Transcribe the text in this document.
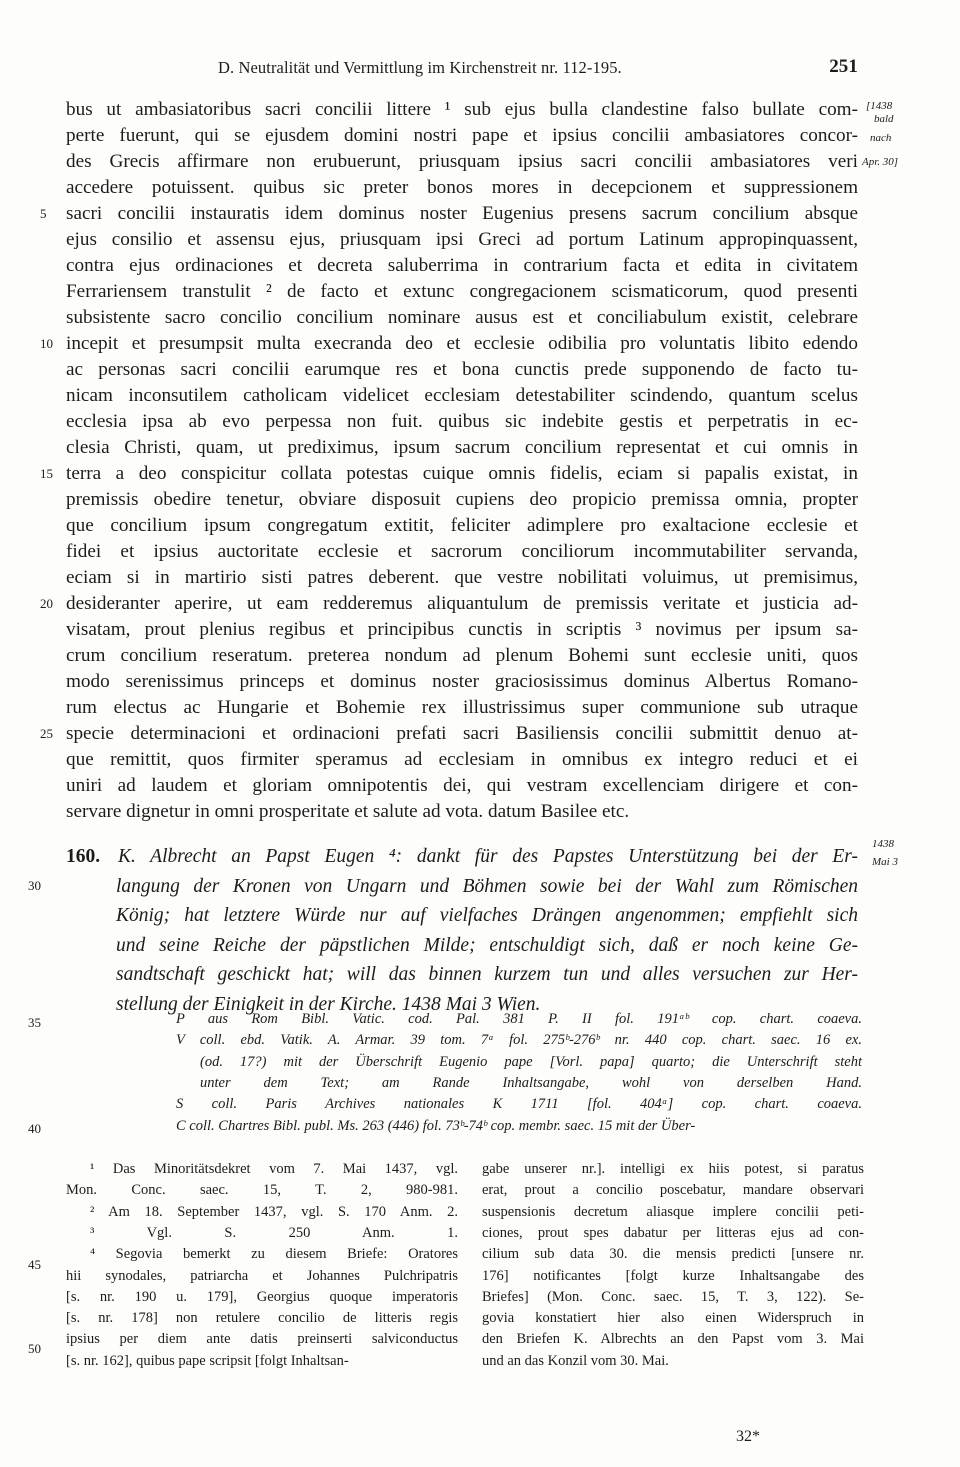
D. Neutralität und Vermittlung im Kirchenstreit nr. 112-195.	251
[1438
bald
nach
Apr. 30]
1438
Mai 3
bus ut ambasiatoribus sacri concilii littere ¹ sub ejus bulla clandestine falso bullate com-
perte fuerunt, qui se ejusdem domini nostri pape et ipsius concilii ambasiatores concor-
des Grecis affirmare non erubuerunt, priusquam ipsius sacri concilii ambasiatores veri
accedere potuissent. quibus sic preter bonos mores in decepcionem et suppressionem
sacri concilii instauratis idem dominus noster Eugenius presens sacrum concilium absque
ejus consilio et assensu ejus, priusquam ipsi Greci ad portum Latinum appropinquassent,
contra ejus ordinaciones et decreta saluberrima in contrarium facta et edita in civitatem
Ferrariensem transtulit ² de facto et extunc congregacionem scismaticorum, quod presenti
subsistente sacro concilio concilium nominare ausus est et conciliabulum existit, celebrare
incepit et presumpsit multa execranda deo et ecclesie odibilia pro voluntatis libito edendo
ac personas sacri concilii earumque res et bona cunctis prede supponendo de facto tu-
nicam inconsutilem catholicam videlicet ecclesiam detestabiliter scindendo, quantum scelus
ecclesia ipsa ab evo perpessa non fuit. quibus sic indebite gestis et perpetratis in ec-
clesia Christi, quam, ut prediximus, ipsum sacrum concilium representat et cui omnis in
terra a deo conspicitur collata potestas cuique omnis fidelis, eciam si papalis existat, in
premissis obedire tenetur, obviare disposuit cupiens deo propicio premissa omnia, propter
que concilium ipsum congregatum extitit, feliciter adimplere pro exaltacione ecclesie et
fidei et ipsius auctoritate ecclesie et sacrorum conciliorum incommutabiliter servanda,
eciam si in martirio sisti patres deberent. que vestre nobilitati voluimus, ut premisimus,
desideranter aperire, ut eam redderemus aliquantulum de premissis veritate et justicia ad-
visatam, prout plenius regibus et principibus cunctis in scriptis ³ novimus per ipsum sa-
crum concilium reseratum. preterea nondum ad plenum Bohemi sunt ecclesie uniti, quos
modo serenissimus princeps et dominus noster graciosissimus dominus Albertus Romano-
rum electus ac Hungarie et Bohemie rex illustrissimus super communione sub utraque
specie determinacioni et ordinacioni prefati sacri Basiliensis concilii submittit denuo at-
que remittit, quos firmiter speramus ad ecclesiam in omnibus ex integro reduci et ei
uniri ad laudem et gloriam omnipotentis dei, qui vestram excellenciam dirigere et con-
servare dignetur in omni prosperitate et salute ad vota. datum Basilee etc.
5
10
15
20
25
30
35
40
45
50
160. K. Albrecht an Papst Eugen ⁴: dankt für des Papstes Unterstützung bei der Er-
langung der Kronen von Ungarn und Böhmen sowie bei der Wahl zum Römischen
König; hat letztere Würde nur auf vielfaches Drängen angenommen; empfiehlt sich
und seine Reiche der päpstlichen Milde; entschuldigt sich, daß er noch keine Ge-
sandtschaft geschickt hat; will das binnen kurzem tun und alles versuchen zur Her-
stellung der Einigkeit in der Kirche. 1438 Mai 3 Wien.
P aus Rom Bibl. Vatic. cod. Pal. 381 P. II fol. 191ᵃᵇ cop. chart. coaeva.
V coll. ebd. Vatik. A. Armar. 39 tom. 7ᵃ fol. 275ᵇ-276ᵇ nr. 440 cop. chart. saec. 16 ex.
(od. 17?) mit der Überschrift Eugenio pape [Vorl. papa] quarto; die Unterschrift steht
unter dem Text; am Rande Inhaltsangabe, wohl von derselben Hand.
S coll. Paris Archives nationales K 1711 [fol. 404ᵃ] cop. chart. coaeva.
C coll. Chartres Bibl. publ. Ms. 263 (446) fol. 73ᵇ-74ᵇ cop. membr. saec. 15 mit der Über-
¹ Das Minoritätsdekret vom 7. Mai 1437, vgl.
Mon. Conc. saec. 15, T. 2, 980-981.
² Am 18. September 1437, vgl. S. 170 Anm. 2.
³ Vgl. S. 250 Anm. 1.
⁴ Segovia bemerkt zu diesem Briefe: Oratores
hii synodales, patriarcha et Johannes Pulchripatris
[s. nr. 190 u. 179], Georgius quoque imperatoris
[s. nr. 178] non retulere concilio de litteris regis
ipsius per diem ante datis preinserti salviconductus
[s. nr. 162], quibus pape scripsit [folgt Inhaltsan-
gabe unserer nr.]. intelligi ex hiis potest, si paratus
erat, prout a concilio poscebatur, mandare observari
suspensionis decretum aliasque implere concilii peti-
ciones, prout spes dabatur per litteras ejus ad con-
cilium sub data 30. die mensis predicti [unsere nr.
176] notificantes [folgt kurze Inhaltsangabe des
Briefes] (Mon. Conc. saec. 15, T. 3, 122). Se-
govia konstatiert hier also einen Widerspruch in
den Briefen K. Albrechts an den Papst vom 3. Mai
und an das Konzil vom 30. Mai.
32*
